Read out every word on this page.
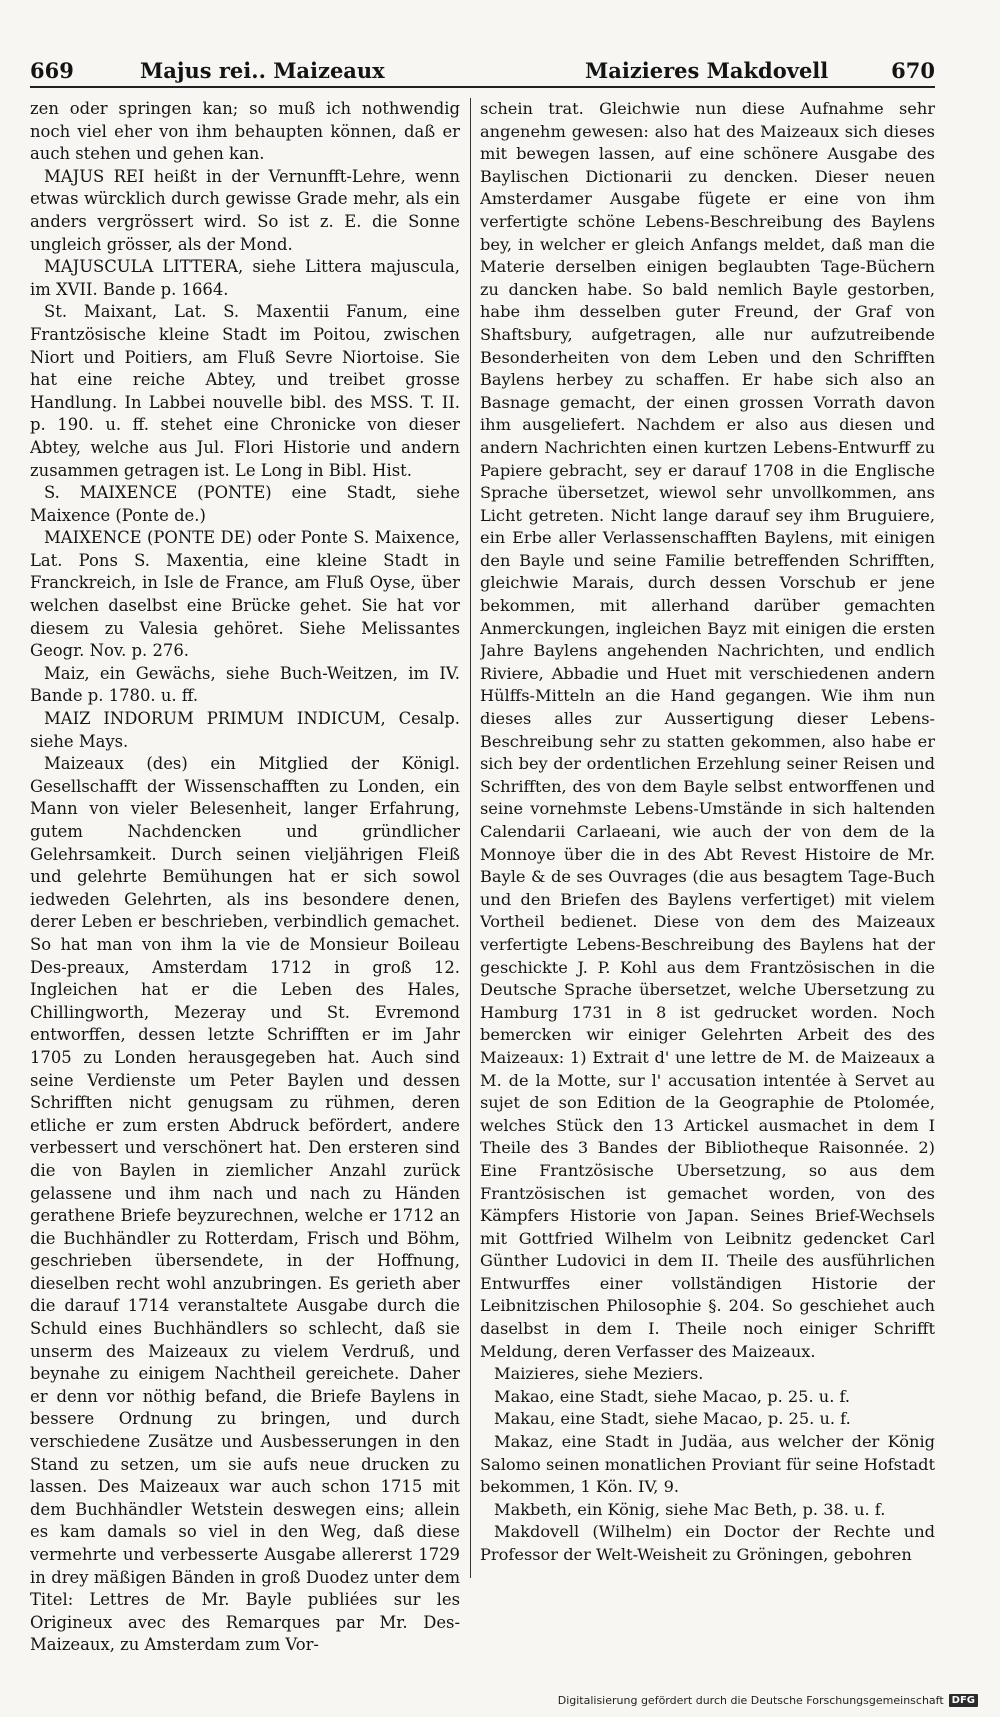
669	Majus rei.. Maizeaux	Maizieres Makdovell	670

zen oder springen kan; so muß ich nothwendig noch viel eher von ihm behaupten können, daß er auch stehen und gehen kan.

MAJUS REI heißt in der Vernunfft-Lehre, wenn etwas würcklich durch gewisse Grade mehr, als ein anders vergrössert wird. So ist z. E. die Sonne ungleich grösser, als der Mond.

MAJUSCULA LITTERA, siehe Littera majuscula, im XVII. Bande p. 1664.

St. Maixant, Lat. S. Maxentii Fanum, eine Frantzösische kleine Stadt im Poitou, zwischen Niort und Poitiers, am Fluß Sevre Niortoise. Sie hat eine reiche Abtey, und treibet grosse Handlung. In Labbei nouvelle bibl. des MSS. T. II. p. 190. u. ff. stehet eine Chronicke von dieser Abtey, welche aus Jul. Flori Historie und andern zusammen getragen ist. Le Long in Bibl. Hist.

S. MAIXENCE (PONTE) eine Stadt, siehe Maixence (Ponte de.)

MAIXENCE (PONTE DE) oder Ponte S. Maixence, Lat. Pons S. Maxentia, eine kleine Stadt in Franckreich, in Isle de France, am Fluß Oyse, über welchen daselbst eine Brücke gehet. Sie hat vor diesem zu Valesia gehöret. Siehe Melissantes Geogr. Nov. p. 276.

Maiz, ein Gewächs, siehe Buch-Weitzen, im IV. Bande p. 1780. u. ff.

MAIZ INDORUM PRIMUM INDICUM, Cesalp. siehe Mays.

Maizeaux (des) ein Mitglied der Königl. Gesellschafft der Wissenschafften zu Londen, ein Mann von vieler Belesenheit, langer Erfahrung, gutem Nachdencken und gründlicher Gelehrsamkeit. Durch seinen vieljährigen Fleiß und gelehrte Bemühungen hat er sich sowol iedweden Gelehrten, als ins besondere denen, derer Leben er beschrieben, verbindlich gemachet. So hat man von ihm la vie de Monsieur Boileau Des-preaux, Amsterdam 1712 in groß 12. Ingleichen hat er die Leben des Hales, Chillingworth, Mezeray und St. Evremond entworffen, dessen letzte Schrifften er im Jahr 1705 zu Londen herausgegeben hat. Auch sind seine Verdienste um Peter Baylen und dessen Schrifften nicht genugsam zu rühmen, deren etliche er zum ersten Abdruck befördert, andere verbessert und verschönert hat. Den ersteren sind die von Baylen in ziemlicher Anzahl zurück gelassene und ihm nach und nach zu Händen gerathene Briefe beyzurechnen, welche er 1712 an die Buchhändler zu Rotterdam, Frisch und Böhm, geschrieben übersendete, in der Hoffnung, dieselben recht wohl anzubringen. Es gerieth aber die darauf 1714 veranstaltete Ausgabe durch die Schuld eines Buchhändlers so schlecht, daß sie unserm des Maizeaux zu vielem Verdruß, und beynahe zu einigem Nachtheil gereichete. Daher er denn vor nöthig befand, die Briefe Baylens in bessere Ordnung zu bringen, und durch verschiedene Zusätze und Ausbesserungen in den Stand zu setzen, um sie aufs neue drucken zu lassen. Des Maizeaux war auch schon 1715 mit dem Buchhändler Wetstein deswegen eins; allein es kam damals so viel in den Weg, daß diese vermehrte und verbesserte Ausgabe allererst 1729 in drey mäßigen Bänden in groß Duodez unter dem Titel: Lettres de Mr. Bayle publiées sur les Origineux avec des Remarques par Mr. Des-Maizeaux, zu Amsterdam zum Vor-

schein trat. Gleichwie nun diese Aufnahme sehr angenehm gewesen: also hat des Maizeaux sich dieses mit bewegen lassen, auf eine schönere Ausgabe des Baylischen Dictionarii zu dencken. Dieser neuen Amsterdamer Ausgabe fügete er eine von ihm verfertigte schöne Lebens-Beschreibung des Baylens bey, in welcher er gleich Anfangs meldet, daß man die Materie derselben einigen beglaubten Tage-Büchern zu dancken habe. So bald nemlich Bayle gestorben, habe ihm desselben guter Freund, der Graf von Shaftsbury, aufgetragen, alle nur aufzutreibende Besonderheiten von dem Leben und den Schrifften Baylens herbey zu schaffen. Er habe sich also an Basnage gemacht, der einen grossen Vorrath davon ihm ausgeliefert. Nachdem er also aus diesen und andern Nachrichten einen kurtzen Lebens-Entwurff zu Papiere gebracht, sey er darauf 1708 in die Englische Sprache übersetzet, wiewol sehr unvollkommen, ans Licht getreten. Nicht lange darauf sey ihm Bruguiere, ein Erbe aller Verlassenschafften Baylens, mit einigen den Bayle und seine Familie betreffenden Schrifften, gleichwie Marais, durch dessen Vorschub er jene bekommen, mit allerhand darüber gemachten Anmerckungen, ingleichen Bayz mit einigen die ersten Jahre Baylens angehenden Nachrichten, und endlich Riviere, Abbadie und Huet mit verschiedenen andern Hülffs-Mitteln an die Hand gegangen. Wie ihm nun dieses alles zur Aussertigung dieser Lebens-Beschreibung sehr zu statten gekommen, also habe er sich bey der ordentlichen Erzehlung seiner Reisen und Schrifften, des von dem Bayle selbst entworffenen und seine vornehmste Lebens-Umstände in sich haltenden Calendarii Carlaeani, wie auch der von dem de la Monnoye über die in des Abt Revest Histoire de Mr. Bayle & de ses Ouvrages (die aus besagtem Tage-Buch und den Briefen des Baylens verfertiget) mit vielem Vortheil bedienet. Diese von dem des Maizeaux verfertigte Lebens-Beschreibung des Baylens hat der geschickte J. P. Kohl aus dem Frantzösischen in die Deutsche Sprache übersetzet, welche Ubersetzung zu Hamburg 1731 in 8 ist gedrucket worden. Noch bemercken wir einiger Gelehrten Arbeit des des Maizeaux: 1) Extrait d' une lettre de M. de Maizeaux a M. de la Motte, sur l' accusation intentée à Servet au sujet de son Edition de la Geographie de Ptolomée, welches Stück den 13 Artickel ausmachet in dem I Theile des 3 Bandes der Bibliotheque Raisonnée. 2) Eine Frantzösische Ubersetzung, so aus dem Frantzösischen ist gemachet worden, von des Kämpfers Historie von Japan. Seines Brief-Wechsels mit Gottfried Wilhelm von Leibnitz gedencket Carl Günther Ludovici in dem II. Theile des ausführlichen Entwurffes einer vollständigen Historie der Leibnitzischen Philosophie §. 204. So geschiehet auch daselbst in dem I. Theile noch einiger Schrifft Meldung, deren Verfasser des Maizeaux.

Maizieres, siehe Meziers.

Makao, eine Stadt, siehe Macao, p. 25. u. f.

Makau, eine Stadt, siehe Macao, p. 25. u. f.

Makaz, eine Stadt in Judäa, aus welcher der König Salomo seinen monatlichen Proviant für seine Hofstadt bekommen, 1 Kön. IV, 9.

Makbeth, ein König, siehe Mac Beth, p. 38. u. f.

Makdovell (Wilhelm) ein Doctor der Rechte und Professor der Welt-Weisheit zu Gröningen, gebohren

Digitalisierung gefördert durch die Deutsche Forschungsgemeinschaft DFG
